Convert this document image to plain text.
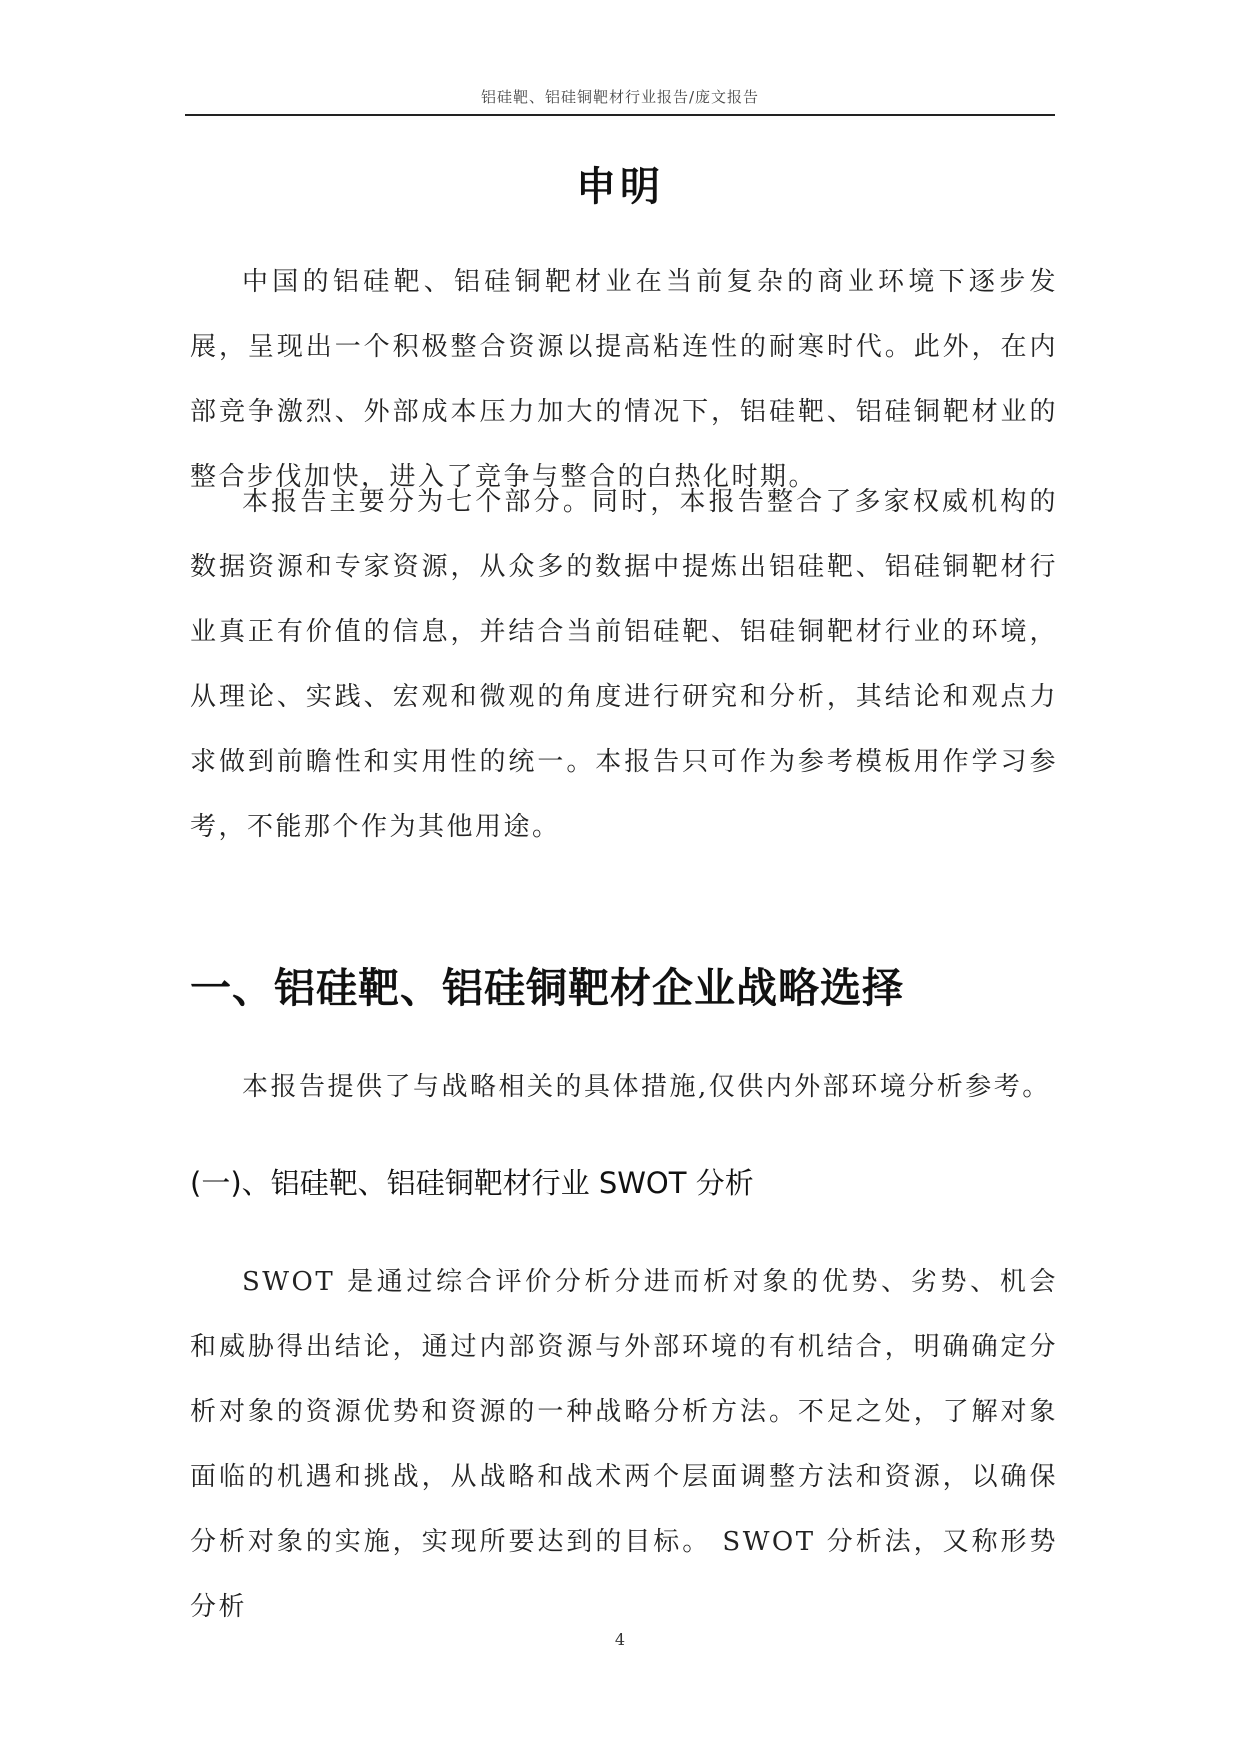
铝硅靶、铝硅铜靶材行业报告/庞文报告
申明

中国的铝硅靶、铝硅铜靶材业在当前复杂的商业环境下逐步发展，呈现出一个积极整合资源以提高粘连性的耐寒时代。此外，在内部竞争激烈、外部成本压力加大的情况下，铝硅靶、铝硅铜靶材业的整合步伐加快，进入了竞争与整合的白热化时期。

本报告主要分为七个部分。同时，本报告整合了多家权威机构的数据资源和专家资源，从众多的数据中提炼出铝硅靶、铝硅铜靶材行业真正有价值的信息，并结合当前铝硅靶、铝硅铜靶材行业的环境，从理论、实践、宏观和微观的角度进行研究和分析，其结论和观点力求做到前瞻性和实用性的统一。本报告只可作为参考模板用作学习参考，不能那个作为其他用途。

一、铝硅靶、铝硅铜靶材企业战略选择

本报告提供了与战略相关的具体措施,仅供内外部环境分析参考。

(一)、铝硅靶、铝硅铜靶材行业 SWOT 分析

SWOT 是通过综合评价分析分进而析对象的优势、劣势、机会和威胁得出结论，通过内部资源与外部环境的有机结合，明确确定分析对象的资源优势和资源的一种战略分析方法。不足之处，了解对象面临的机遇和挑战，从战略和战术两个层面调整方法和资源，以确保分析对象的实施，实现所要达到的目标。 SWOT 分析法，又称形势分析

4
